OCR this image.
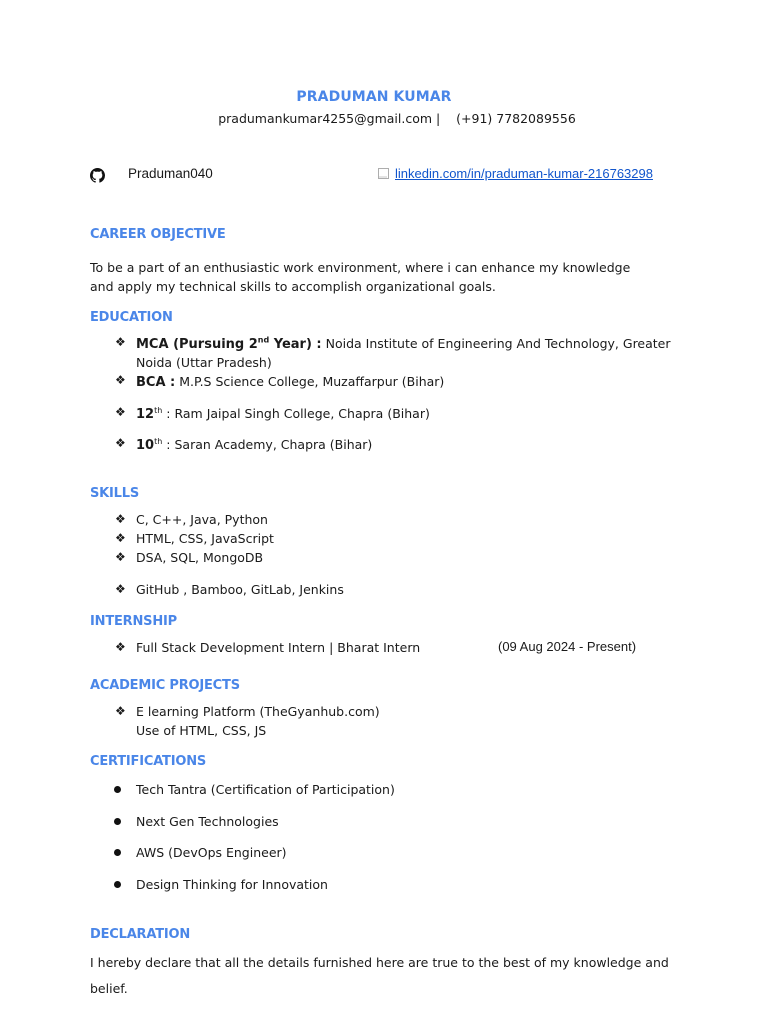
PRADUMAN KUMAR
pradumankumar4255@gmail.com | (+91) 7782089556
Praduman040	linkedin.com/in/praduman-kumar-216763298
CAREER OBJECTIVE
To be a part of an enthusiastic work environment, where i can enhance my knowledge and apply my technical skills to accomplish organizational goals.
EDUCATION
❖ MCA (Pursuing 2nd Year) : Noida Institute of Engineering And Technology, Greater
Noida (Uttar Pradesh)
❖ BCA : M.P.S Science College, Muzaffarpur (Bihar)
❖ 12th : Ram Jaipal Singh College, Chapra (Bihar)
❖ 10th : Saran Academy, Chapra (Bihar)
SKILLS
❖ C, C++, Java, Python
❖ HTML, CSS, JavaScript
❖ DSA, SQL, MongoDB
❖ GitHub , Bamboo, GitLab, Jenkins
INTERNSHIP
❖ Full Stack Development Intern | Bharat Intern	(09 Aug 2024 - Present)
ACADEMIC PROJECTS
❖ E learning Platform (TheGyanhub.com)
Use of HTML, CSS, JS
CERTIFICATIONS
Tech Tantra (Certification of Participation)
Next Gen Technologies
AWS (DevOps Engineer)
Design Thinking for Innovation
DECLARATION
I hereby declare that all the details furnished here are true to the best of my knowledge and
belief.
